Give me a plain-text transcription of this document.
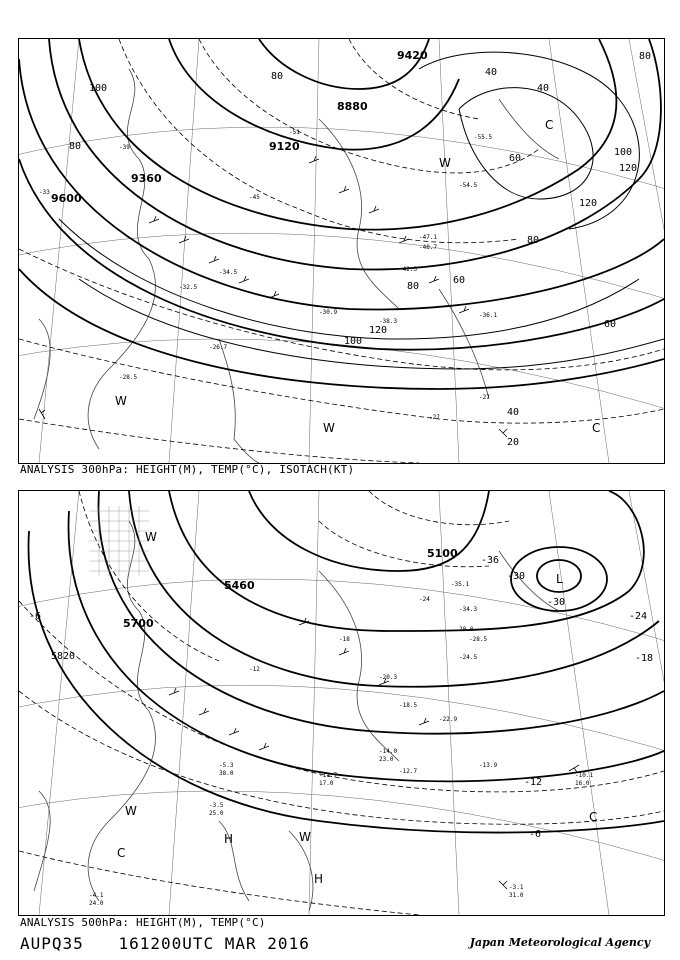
8880
9120
9360
9600
9420
120
100
80
60
40
20
40
60
80
120
120
100
80
60
40
80
100
80
-27
-27
-33
-39
-45
-51
-55.5
-54.5
-47.1
-30.9
-32.5
-26.7
-28.5
-36.1
-48.7
-42.3
-34.5
-38.3
C
W
W
W
C
ANALYSIS 300hPa: HEIGHT(M), TEMP(°C), ISOTACH(KT)
5100
5460
5700
5820
-36
-30
-30
-24
-18
-12
-6
-6
-12
-18
-24
-3.1
31.0
-10.1
16.0
-13.9
-12.7
-14.0
23.0
-22.9
-28.5
-34.3
-35.1
-5.3
38.0
-4.1
24.0
-3.5
25.0
-11.7
17.0
-20.3
-18.5
-24.5
20.0
C
L
H
H
W
W
W
C
ANALYSIS 500hPa: HEIGHT(M), TEMP(°C)
AUPQ35 161200UTC MAR 2016	Japan Meteorological Agency
